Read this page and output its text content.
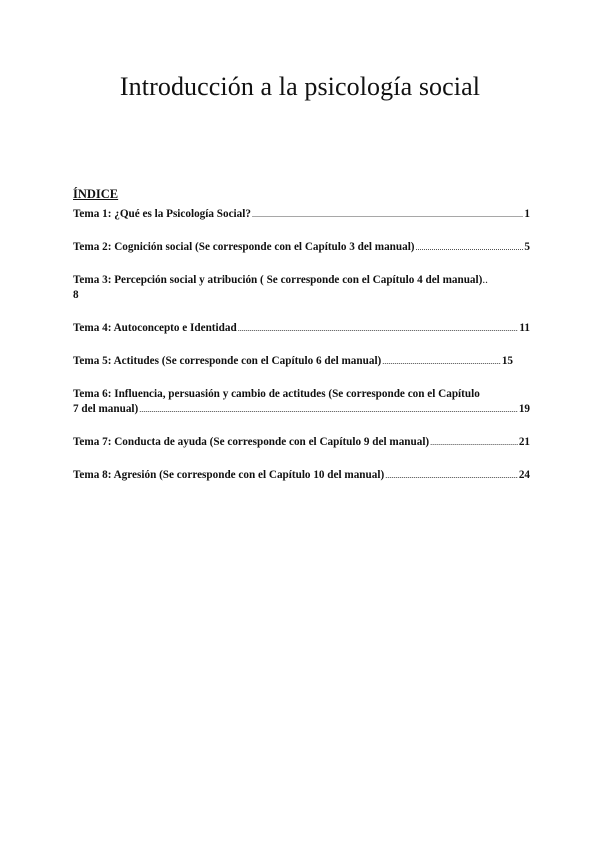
Introducción a la psicología social
ÍNDICE
Tema 1: ¿Qué es la Psicología Social? .....	1
Tema 2: Cognición social (Se corresponde con el Capítulo 3 del manual) .....	5
Tema 3: Percepción social y atribución ( Se corresponde con el Capítulo 4 del manual)..
8
Tema 4: Autoconcepto e Identidad .....	11
Tema 5: Actitudes (Se corresponde con el Capítulo 6 del manual) .....	15
Tema 6: Influencia, persuasión y cambio de actitudes (Se corresponde con el Capítulo
7 del manual) .....	19
Tema 7: Conducta de ayuda (Se corresponde con el Capítulo 9 del manual) .....	21
Tema 8: Agresión (Se corresponde con el Capítulo 10 del manual) .....	24
